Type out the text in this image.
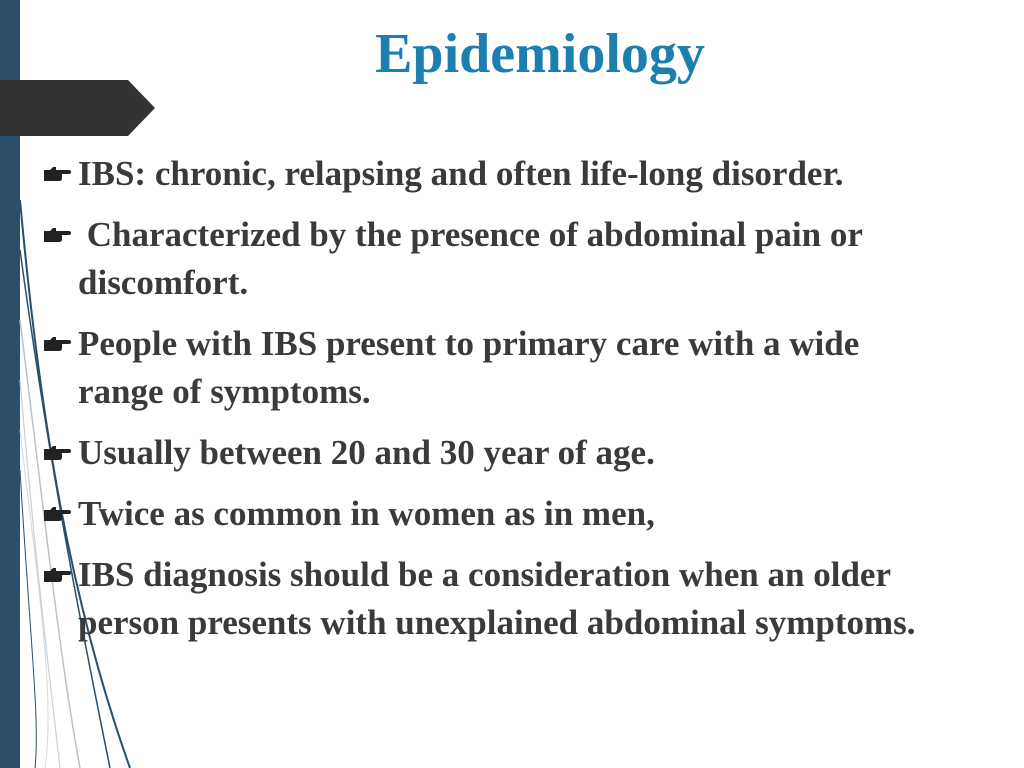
Epidemiology
IBS: chronic, relapsing and often life-long disorder.
Characterized by the presence of abdominal pain or
discomfort.
People with IBS present to primary care with a wide
range of symptoms.
Usually between 20 and 30 year of age.
Twice as common in women as in men,
IBS diagnosis should be a consideration when an older
person presents with unexplained abdominal symptoms.
